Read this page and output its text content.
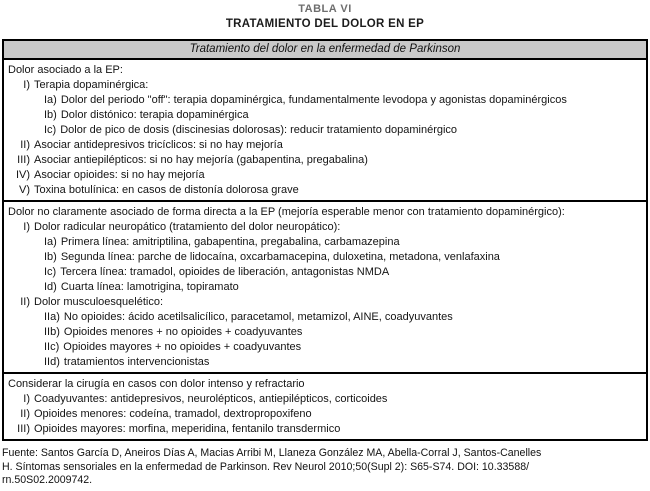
TABLA VI
TRATAMIENTO DEL DOLOR EN EP
Tratamiento del dolor en la enfermedad de Parkinson
Dolor asociado a la EP:
I) Terapia dopaminérgica:
Ia) Dolor del periodo "off": terapia dopaminérgica, fundamentalmente levodopa y agonistas dopaminérgicos
Ib) Dolor distónico: terapia dopaminérgica
Ic) Dolor de pico de dosis (discinesias dolorosas): reducir tratamiento dopaminérgico
II) Asociar antidepresivos tricíclicos: si no hay mejoría
III) Asociar antiepilépticos: si no hay mejoría (gabapentina, pregabalina)
IV) Asociar opioides: si no hay mejoría
V) Toxina botulínica: en casos de distonía dolorosa grave
Dolor no claramente asociado de forma directa a la EP (mejoría esperable menor con tratamiento dopaminérgico):
I) Dolor radicular neuropático (tratamiento del dolor neuropático):
Ia) Primera línea: amitriptilina, gabapentina, pregabalina, carbamazepina
Ib) Segunda línea: parche de lidocaína, oxcarbamacepina, duloxetina, metadona, venlafaxina
Ic) Tercera línea: tramadol, opioides de liberación, antagonistas NMDA
Id) Cuarta línea: lamotrigina, topiramato
II) Dolor musculoesquelético:
IIa) No opioides: ácido acetilsalicílico, paracetamol, metamizol, AINE, coadyuvantes
IIb) Opioides menores + no opioides + coadyuvantes
IIc) Opioides mayores + no opioides + coadyuvantes
IId) tratamientos intervencionistas
Considerar la cirugía en casos con dolor intenso y refractario
I) Coadyuvantes: antidepresivos, neurolépticos, antiepilépticos, corticoides
II) Opioides menores: codeína, tramadol, dextropropoxifeno
III) Opioides mayores: morfina, meperidina, fentanilo transdermico
Fuente: Santos García D, Aneiros Días A, Macias Arribi M, Llaneza González MA, Abella-Corral J, Santos-Canelles
H. Síntomas sensoriales en la enfermedad de Parkinson. Rev Neurol 2010;50(Supl 2): S65-S74. DOI: 10.33588/
rn.50S02.2009742.
